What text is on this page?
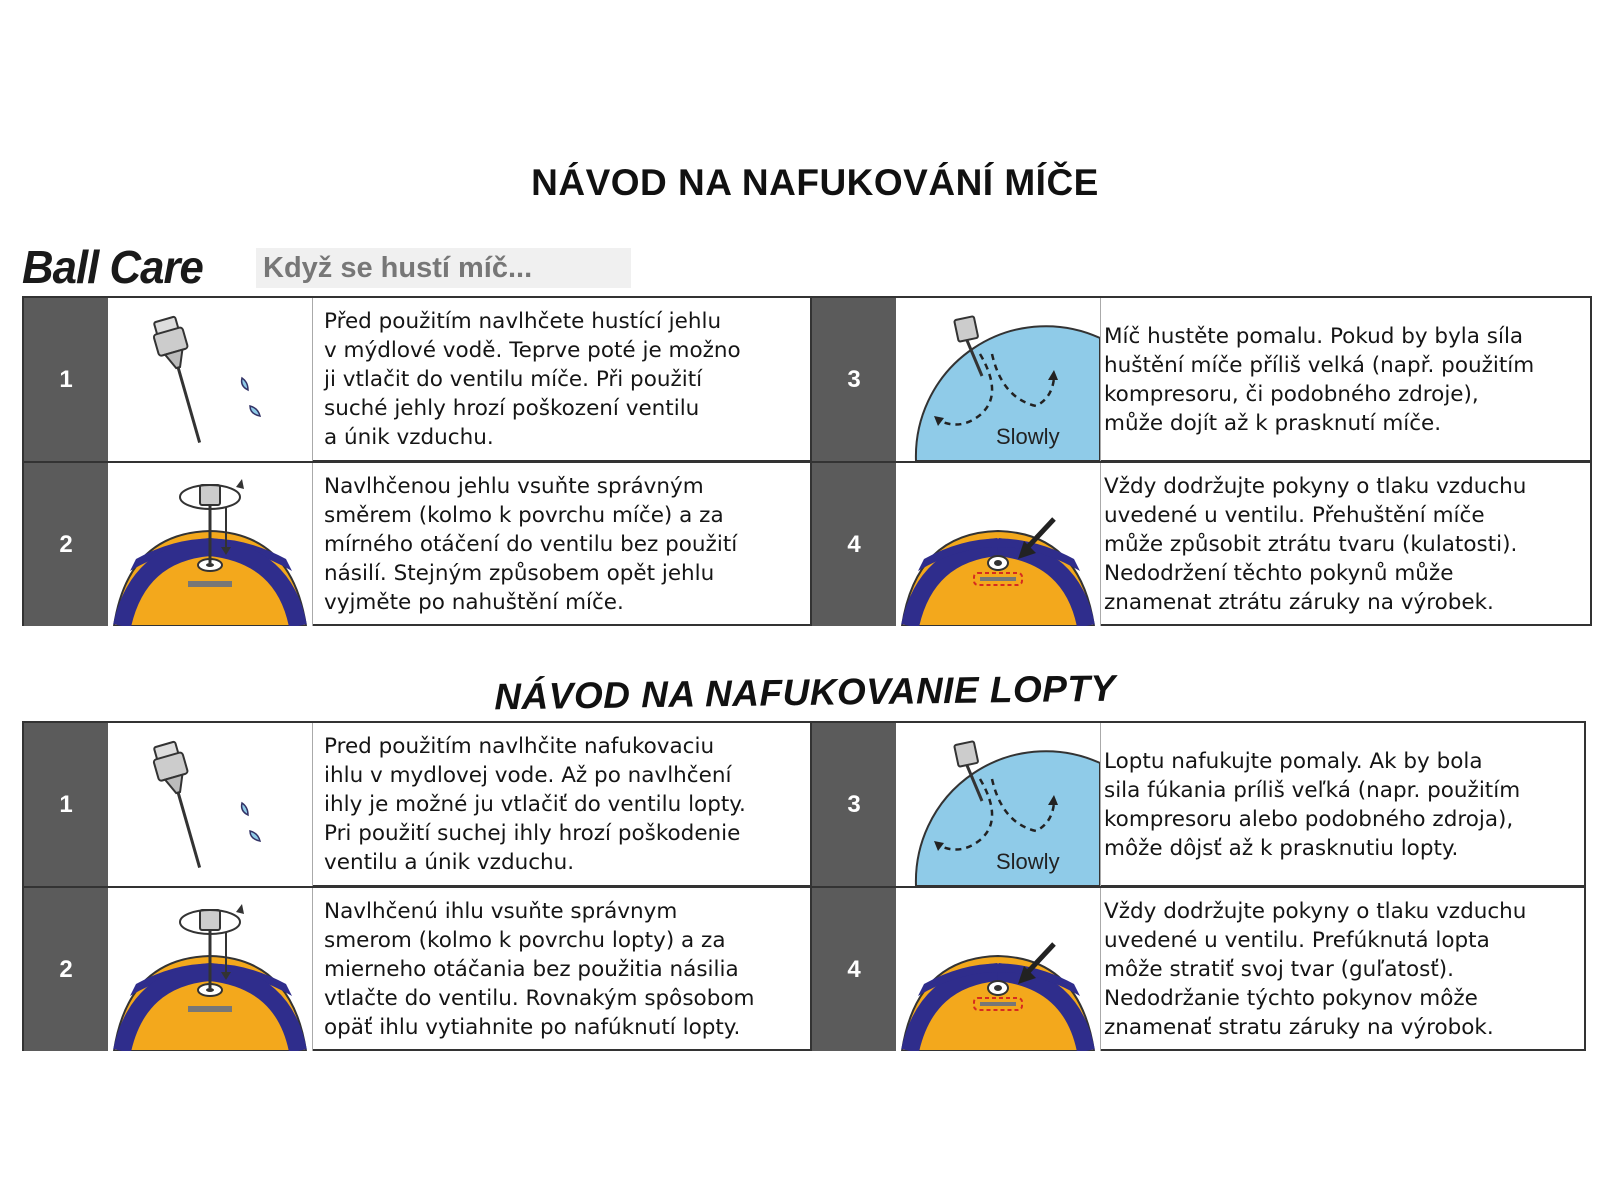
NÁVOD NA NAFUKOVÁNÍ MÍČE
Ball Care Když se hustí míč...
1
Před použitím navlhčete hustící jehlu
v mýdlové vodě. Teprve poté je možno
ji vtlačit do ventilu míče. Při použití
suché jehly hrozí poškození ventilu
a únik vzduchu.
2
Navlhčenou jehlu vsuňte správným
směrem (kolmo k povrchu míče) a za
mírného otáčení do ventilu bez použití
násilí. Stejným způsobem opět jehlu
vyjměte po nahuštění míče.
3
Slowly
Míč hustěte pomalu. Pokud by byla síla
huštění míče příliš velká (např. použitím
kompresoru, či podobného zdroje),
může dojít až k prasknutí míče.
4
Vždy dodržujte pokyny o tlaku vzduchu
uvedené u ventilu. Přehuštění míče
může způsobit ztrátu tvaru (kulatosti).
Nedodržení těchto pokynů může
znamenat ztrátu záruky na výrobek.
NÁVOD NA NAFUKOVANIE LOPTY
1
Pred použitím navlhčite nafukovaciu
ihlu v mydlovej vode. Až po navlhčení
ihly je možné ju vtlačiť do ventilu lopty.
Pri použití suchej ihly hrozí poškodenie
ventilu a únik vzduchu.
2
Navlhčenú ihlu vsuňte správnym
smerom (kolmo k povrchu lopty) a za
mierneho otáčania bez použitia násilia
vtlačte do ventilu. Rovnakým spôsobom
opäť ihlu vytiahnite po nafúknutí lopty.
3
Slowly
Loptu nafukujte pomaly. Ak by bola
sila fúkania príliš veľká (napr. použitím
kompresoru alebo podobného zdroja),
môže dôjsť až k prasknutiu lopty.
4
Vždy dodržujte pokyny o tlaku vzduchu
uvedené u ventilu. Prefúknutá lopta
môže stratiť svoj tvar (guľatosť).
Nedodržanie týchto pokynov môže
znamenať stratu záruky na výrobok.
